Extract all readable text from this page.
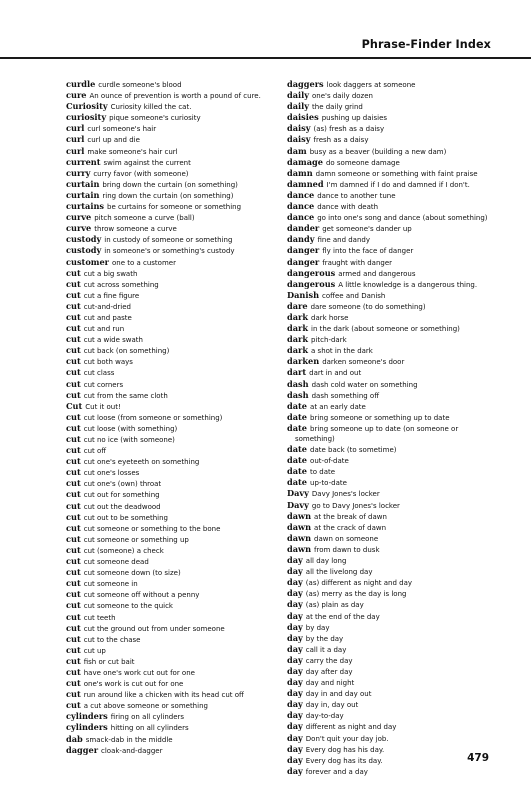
Phrase-Finder Index

curdle curdle someone's blood

cure An ounce of prevention is worth a pound of cure.

Curiosity Curiosity killed the cat.

curiosity pique someone's curiosity

curl curl someone's hair

curl curl up and die

curl make someone's hair curl

current swim against the current

curry curry favor (with someone)

curtain bring down the curtain (on something)

curtain ring down the curtain (on something)

curtains be curtains for someone or something

curve pitch someone a curve (ball)

curve throw someone a curve

custody in custody of someone or something

custody in someone's or something's custody

customer one to a customer

cut cut a big swath

cut cut across something

cut cut a fine figure

cut cut-and-dried

cut cut and paste

cut cut and run

cut cut a wide swath

cut cut back (on something)

cut cut both ways

cut cut class

cut cut corners

cut cut from the same cloth

Cut Cut it out!

cut cut loose (from someone or something)

cut cut loose (with something)

cut cut no ice (with someone)

cut cut off

cut cut one's eyeteeth on something

cut cut one's losses

cut cut one's (own) throat

cut cut out for something

cut cut out the deadwood

cut cut out to be something

cut cut someone or something to the bone

cut cut someone or something up

cut cut (someone) a check

cut cut someone dead

cut cut someone down (to size)

cut cut someone in

cut cut someone off without a penny

cut cut someone to the quick

cut cut teeth

cut cut the ground out from under someone

cut cut to the chase

cut cut up

cut fish or cut bait

cut have one's work cut out for one

cut one's work is cut out for one

cut run around like a chicken with its head cut off

cut a cut above someone or something

cylinders firing on all cylinders

cylinders hitting on all cylinders

dab smack-dab in the middle

dagger cloak-and-dagger

daggers look daggers at someone

daily one's daily dozen

daily the daily grind

daisies pushing up daisies

daisy (as) fresh as a daisy

daisy fresh as a daisy

dam busy as a beaver (building a new dam)

damage do someone damage

damn damn someone or something with faint praise

damned I'm damned if I do and damned if I don't.

dance dance to another tune

dance dance with death

dance go into one's song and dance (about something)

dander get someone's dander up

dandy fine and dandy

danger fly into the face of danger

danger fraught with danger

dangerous armed and dangerous

dangerous A little knowledge is a dangerous thing.

Danish coffee and Danish

dare dare someone (to do something)

dark dark horse

dark in the dark (about someone or something)

dark pitch-dark

dark a shot in the dark

darken darken someone's door

dart dart in and out

dash dash cold water on something

dash dash something off

date at an early date

date bring someone or something up to date

date bring someone up to date (on someone or something)

date date back (to sometime)

date out-of-date

date to date

date up-to-date

Davy Davy Jones's locker

Davy go to Davy Jones's locker

dawn at the break of dawn

dawn at the crack of dawn

dawn dawn on someone

dawn from dawn to dusk

day all day long

day all the livelong day

day (as) different as night and day

day (as) merry as the day is long

day (as) plain as day

day at the end of the day

day by day

day by the day

day call it a day

day carry the day

day day after day

day day and night

day day in and day out

day day in, day out

day day-to-day

day different as night and day

day Don't quit your day job.

day Every dog has his day.

day Every dog has its day.

day forever and a day

479
